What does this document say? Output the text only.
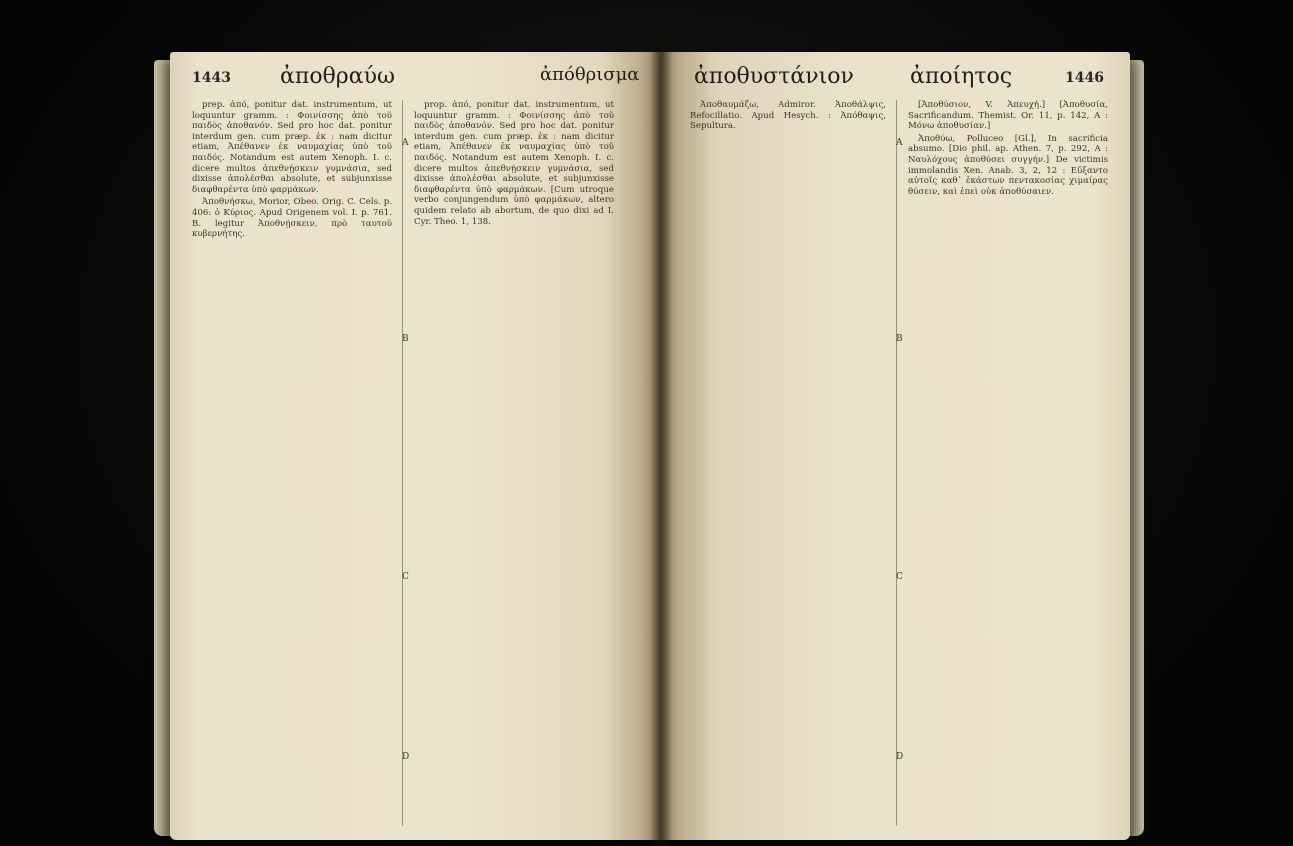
1443 ἀποθραύω	ἀπόθρισμα

prep. ἀπό, ponitur dat. instrumentum, ut loquuntur gramm. : Φοινίσσης ἀπὸ τοῦ παιδὸς ἀποθανόν. Sed pro hoc dat. ponitur interdum gen. cum præp. ἐκ : nam dicitur etiam, Ἀπέθανεν ἐκ ναυμαχίας ὑπὸ τοῦ παιδός. Notandum est autem Xenoph. I. c. dicere multos ἀπεθνῄσκειν γυμνάσια, sed dixisse ἀπολέσθαι absolute, et subjunxisse διαφθαρέντα ὑπὸ φαρμάκων.

Ἀποθνήσκω, Morior, Obeo. Orig. C. Cels. p. 406: ὁ Κύριος. Apud Origenem vol. I. p. 761. B. legitur Ἀποθνῄσκειν, πρὸ ταυτοῦ κυβερνήτης.

prop. ἀπό, ponitur dat. instrumentum, ut loquuntur gramm. : Φοινίσσης ἀπὸ τοῦ παιδὸς ἀποθανόν. Sed pro hoc dat. ponitur interdum gen. cum præp. ἐκ : nam dicitur etiam, Ἀπέθανεν ἐκ ναυμαχίας ὑπὸ τοῦ παιδός. Notandum est autem Xenoph. I. c. dicere multos ἀπεθνῄσκειν γυμνάσια, sed dixisse ἀπολέσθαι absolute, et subjunxisse διαφθαρέντα ὑπὸ φαρμάκων. [Cum utroque verbo conjungendum ὑπὸ φαρμάκων, altero quidem relato ab abortum, de quo dixi ad I. Cyr. Theo. 1, 138.

A
B
C
D
ἀποθυστάνιον	ἀποίητος	1446

Ἀποθαυμάζω, Admiror. Ἀποθάλψις, Refocillatio. Apud Hesych. : Ἀπόθαψις, Sepultura.

[Ἀποθύσιον, V. Ἀπευχή.] [Ἀποθυσία, Sacrificandum. Themist. Or. 11, p. 142, A : Μόνω ἀποθυσίαν.]

Ἀποθύω, Polluceo [Gl.], In sacrificia absumo. [Dio phil. ap. Athen. 7, p. 292, A : Ναυλόχους ἀποθύσει συγγήν.] De victimis immolandis Xen. Anab. 3, 2, 12 : Εὔξαντο αὐτοῖς καθ᾽ ἑκάστων πεντακοσίας χιμαίρας θύσειν, καὶ ἐπεὶ οὐκ ἀποθύσαιεν.

A
B
C
D
